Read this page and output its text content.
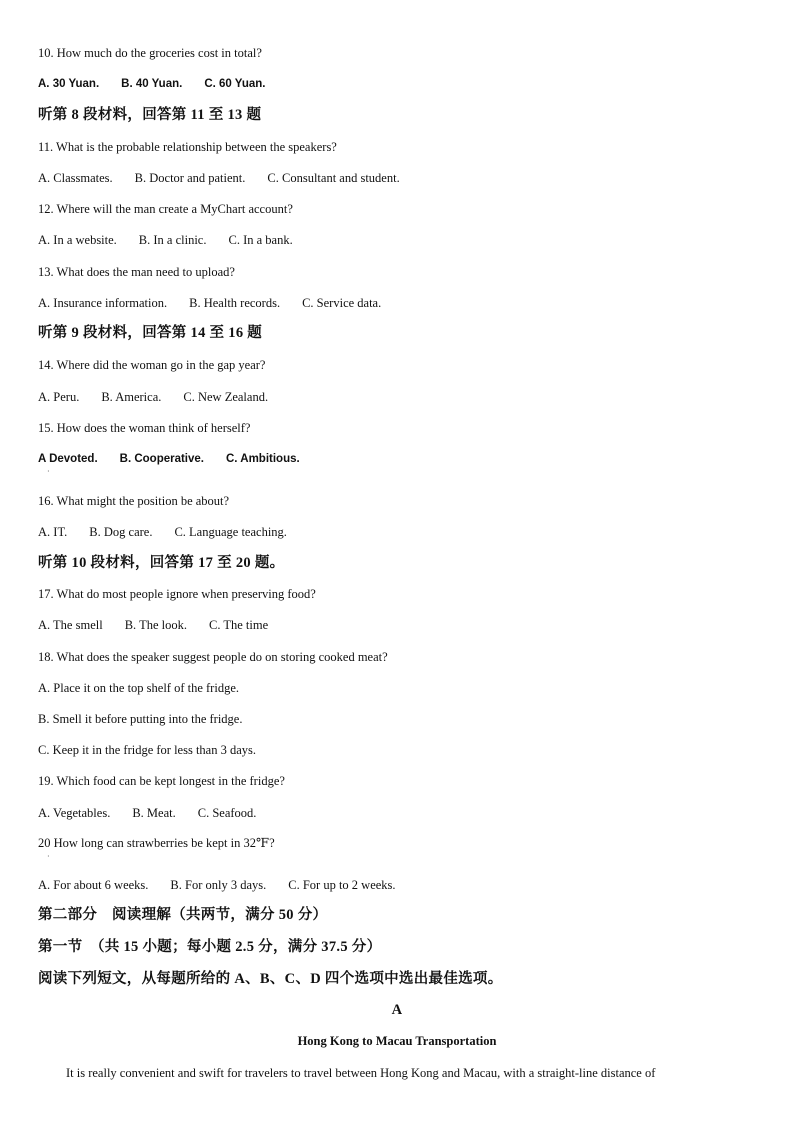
10. How much do the groceries cost in total?

A. 30 Yuan. B. 40 Yuan. C. 60 Yuan.

听第 8 段材料，回答第 11 至 13 题

11. What is the probable relationship between the speakers?

A. Classmates. B. Doctor and patient. C. Consultant and student.

12. Where will the man create a MyChart account?

A. In a website. B. In a clinic. C. In a bank.

13. What does the man need to upload?

A. Insurance information. B. Health records. C. Service data.

听第 9 段材料，回答第 14 至 16 题

14. Where did the woman go in the gap year?

A. Peru. B. America. C. New Zealand.

15. How does the woman think of herself?

A Devoted. B. Cooperative. C. Ambitious.

·

16. What might the position be about?

A. IT. B. Dog care. C. Language teaching.

听第 10 段材料，回答第 17 至 20 题。

17. What do most people ignore when preserving food?

A. The smell B. The look. C. The time

18. What does the speaker suggest people do on storing cooked meat?

A. Place it on the top shelf of the fridge.

B. Smell it before putting into the fridge.

C. Keep it in the fridge for less than 3 days.

19. Which food can be kept longest in the fridge?

A. Vegetables. B. Meat. C. Seafood.

20 How long can strawberries be kept in 32℉?

·

A. For about 6 weeks. B. For only 3 days. C. For up to 2 weeks.

第二部分　阅读理解（共两节，满分 50 分）

第一节　（共 15 小题；每小题 2.5 分，满分 37.5 分）

阅读下列短文，从每题所给的 A、B、C、D 四个选项中选出最佳选项。

A

Hong Kong to Macau Transportation

It is really convenient and swift for travelers to travel between Hong Kong and Macau, with a straight-line distance of
